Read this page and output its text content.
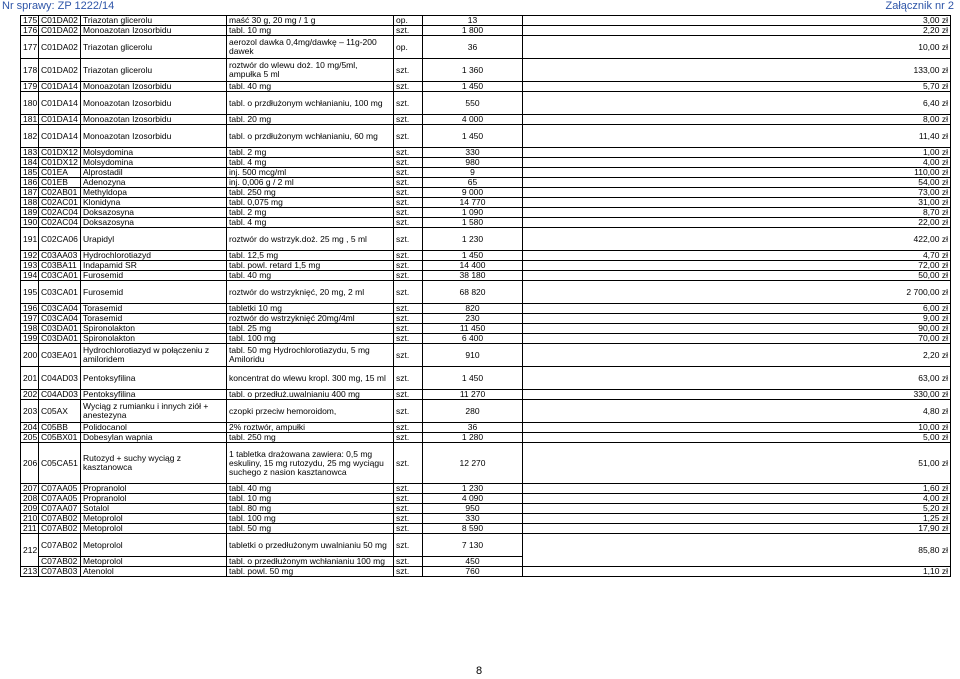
Nr sprawy: ZP 1222/14	Załącznik nr 2
175	C01DA02	Triazotan glicerolu	maść 30 g, 20 mg / 1 g	op.	13	3,00 zł
176	C01DA02	Monoazotan Izosorbidu	tabl. 10 mg	szt.	1 800	2,20 zł
177	C01DA02	Triazotan glicerolu	aerozol dawka 0,4mg/dawkę – 11g-200 dawek	op.	36	10,00 zł
178	C01DA02	Triazotan glicerolu	roztwór do wlewu doż. 10 mg/5ml, ampułka 5 ml	szt.	1 360	133,00 zł
179	C01DA14	Monoazotan Izosorbidu	tabl. 40 mg	szt.	1 450	5,70 zł
180	C01DA14	Monoazotan Izosorbidu	tabl. o przdłużonym wchłanianiu, 100 mg	szt.	550	6,40 zł
181	C01DA14	Monoazotan Izosorbidu	tabl. 20 mg	szt.	4 000	8,00 zł
182	C01DA14	Monoazotan Izosorbidu	tabl. o przdłużonym wchłanianiu, 60 mg	szt.	1 450	11,40 zł
183	C01DX12	Molsydomina	tabl. 2 mg	szt.	330	1,00 zł
184	C01DX12	Molsydomina	tabl. 4 mg	szt.	980	4,00 zł
185	C01EA	Alprostadil	inj. 500 mcg/ml	szt.	9	110,00 zł
186	C01EB	Adenozyna	inj. 0,006 g / 2 ml	szt.	65	54,00 zł
187	C02AB01	Methyldopa	tabl. 250 mg	szt.	9 000	73,00 zł
188	C02AC01	Klonidyna	tabl. 0,075 mg	szt.	14 770	31,00 zł
189	C02AC04	Doksazosyna	tabl. 2 mg	szt.	1 090	8,70 zł
190	C02AC04	Doksazosyna	tabl. 4 mg	szt.	1 580	22,00 zł
191	C02CA06	Urapidyl	roztwór do wstrzyk.doż. 25 mg , 5 ml	szt.	1 230	422,00 zł
192	C03AA03	Hydrochlorotiazyd	tabl. 12,5 mg	szt.	1 450	4,70 zł
193	C03BA11	Indapamid SR	tabl. powl. retard 1,5 mg	szt.	14 400	72,00 zł
194	C03CA01	Furosemid	tabl. 40 mg	szt.	38 180	50,00 zł
195	C03CA01	Furosemid	roztwór do wstrzyknięć, 20 mg, 2 ml	szt.	68 820	2 700,00 zł
196	C03CA04	Torasemid	tabletki 10 mg	szt.	820	6,00 zł
197	C03CA04	Torasemid	roztwór do wstrzyknięć 20mg/4ml	szt.	230	9,00 zł
198	C03DA01	Spironolakton	tabl. 25 mg	szt.	11 450	90,00 zł
199	C03DA01	Spironolakton	tabl. 100 mg	szt.	6 400	70,00 zł
200	C03EA01	Hydrochlorotiazyd w połączeniu z amiloridem	tabl. 50 mg Hydrochlorotiazydu, 5 mg Amiloridu	szt.	910	2,20 zł
201	C04AD03	Pentoksyfilina	koncentrat do wlewu kropl. 300 mg, 15 ml	szt.	1 450	63,00 zł
202	C04AD03	Pentoksyfilina	tabl. o przedłuż.uwalnianiu 400 mg	szt.	11 270	330,00 zł
203	C05AX	Wyciąg z rumianku i innych ziół + anestezyna	czopki przeciw hemoroidom,	szt.	280	4,80 zł
204	C05BB	Polidocanol	2% roztwór, ampułki	szt.	36	10,00 zł
205	C05BX01	Dobesylan wapnia	tabl. 250 mg	szt.	1 280	5,00 zł
206	C05CA51	Rutozyd + suchy wyciąg z kasztanowca	1 tabletka drażowana zawiera: 0,5 mg eskuliny, 15 mg rutozydu, 25 mg wyciągu suchego z nasion kasztanowca	szt.	12 270	51,00 zł
207	C07AA05	Propranolol	tabl. 40 mg	szt.	1 230	1,60 zł
208	C07AA05	Propranolol	tabl. 10 mg	szt.	4 090	4,00 zł
209	C07AA07	Sotalol	tabl. 80 mg	szt.	950	5,20 zł
210	C07AB02	Metoprolol	tabl. 100 mg	szt.	330	1,25 zł
211	C07AB02	Metoprolol	tabl. 50 mg	szt.	8 590	17,90 zł
212	C07AB02	Metoprolol	tabletki o przedłużonym uwalnianiu 50 mg	szt.	7 130	85,80 zł
	C07AB02	Metoprolol	tabl. o przedłużonym wchłanianiu 100 mg	szt.	450	
213	C07AB03	Atenolol	tabl. powl. 50 mg	szt.	760	1,10 zł
8
